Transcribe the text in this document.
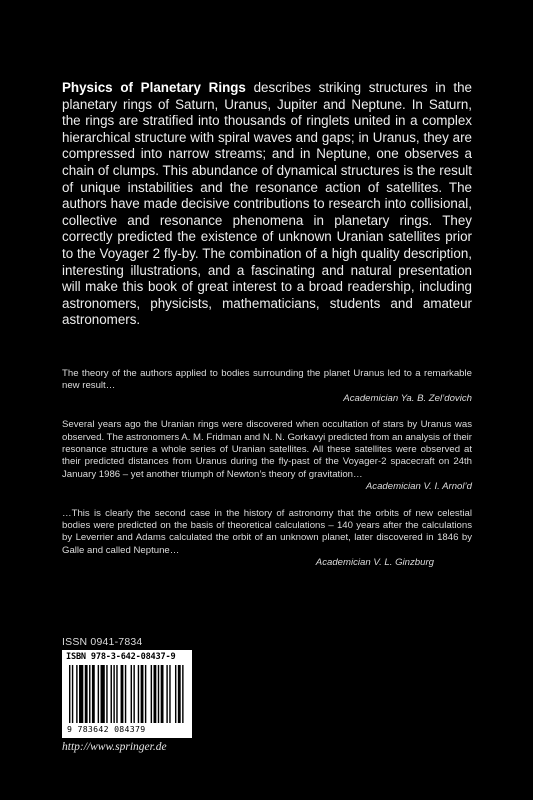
Physics of Planetary Rings describes striking structures in the planetary rings of Saturn, Uranus, Jupiter and Neptune. In Saturn, the rings are stratified into thousands of ringlets united in a complex hierarchical structure with spiral waves and gaps; in Uranus, they are compressed into narrow streams; and in Neptune, one observes a chain of clumps. This abundance of dynamical structures is the result of unique instabilities and the resonance action of satellites. The authors have made decisive contributions to research into collisional, collective and resonance phenomena in planetary rings. They correctly predicted the existence of unknown Uranian satellites prior to the Voyager 2 fly-by. The combination of a high quality description, interesting illustrations, and a fascinating and natural presentation will make this book of great interest to a broad readership, including astronomers, physicists, mathematicians, students and amateur astronomers.

The theory of the authors applied to bodies surrounding the planet Uranus led to a remarkable new result…

Academician Ya. B. Zel’dovich

Several years ago the Uranian rings were discovered when occultation of stars by Uranus was observed. The astronomers A. M. Fridman and N. N. Gorkavyi predicted from an analysis of their resonance structure a whole series of Uranian satellites. All these satellites were observed at their predicted distances from Uranus during the fly-past of the Voyager-2 spacecraft on 24th January 1986 – yet another triumph of Newton’s theory of gravitation…

Academician V. I. Arnol’d

…This is clearly the second case in the history of astronomy that the orbits of new celestial bodies were predicted on the basis of theoretical calculations – 140 years after the calculations by Leverrier and Adams calculated the orbit of an unknown planet, later discovered in 1846 by Galle and called Neptune…

Academician V. L. Ginzburg

ISSN 0941-7834
ISBN 978-3-642-08437-9
9 783642 084379
http://www.springer.de
